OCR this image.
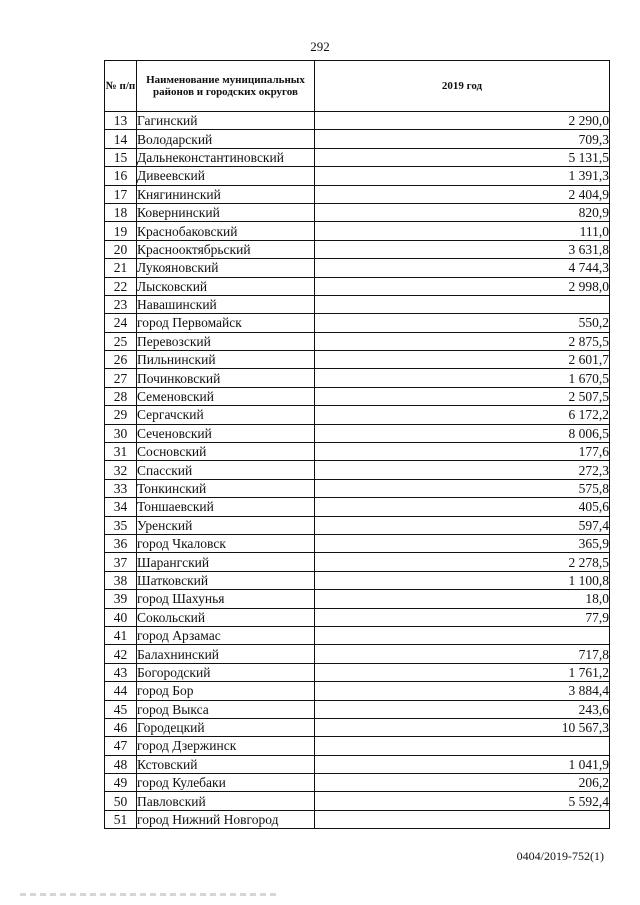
292
№ п/п	Наименование муниципальных районов и городских округов	2019 год
13	Гагинский	2 290,0
14	Володарский	709,3
15	Дальнеконстантиновский	5 131,5
16	Дивеевский	1 391,3
17	Княгининский	2 404,9
18	Ковернинский	820,9
19	Краснобаковский	111,0
20	Краснооктябрьский	3 631,8
21	Лукояновский	4 744,3
22	Лысковский	2 998,0
23	Навашинский	
24	город Первомайск	550,2
25	Перевозский	2 875,5
26	Пильнинский	2 601,7
27	Починковский	1 670,5
28	Семеновский	2 507,5
29	Сергачский	6 172,2
30	Сеченовский	8 006,5
31	Сосновский	177,6
32	Спасский	272,3
33	Тонкинский	575,8
34	Тоншаевский	405,6
35	Уренский	597,4
36	город Чкаловск	365,9
37	Шарангский	2 278,5
38	Шатковский	1 100,8
39	город Шахунья	18,0
40	Сокольский	77,9
41	город Арзамас	
42	Балахнинский	717,8
43	Богородский	1 761,2
44	город Бор	3 884,4
45	город Выкса	243,6
46	Городецкий	10 567,3
47	город Дзержинск	
48	Кстовский	1 041,9
49	город Кулебаки	206,2
50	Павловский	5 592,4
51	город Нижний Новгород	
0404/2019-752(1)
